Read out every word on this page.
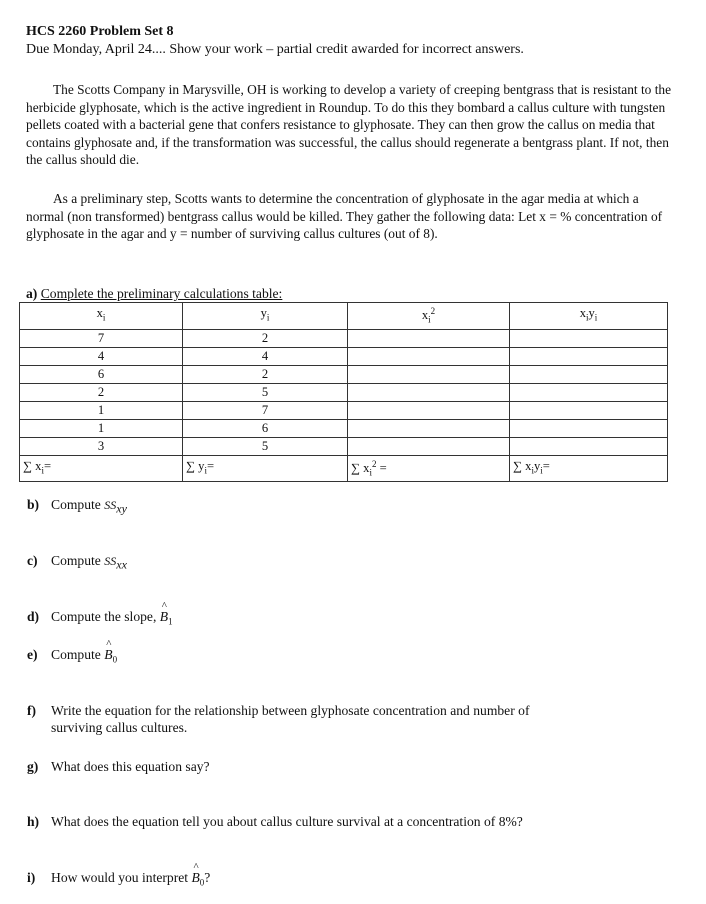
HCS 2260 Problem Set 8
Due Monday, April 24.... Show your work – partial credit awarded for incorrect answers.
The Scotts Company in Marysville, OH is working to develop a variety of creeping bentgrass that is resistant to the herbicide glyphosate, which is the active ingredient in Roundup. To do this they bombard a callus culture with tungsten pellets coated with a bacterial gene that confers resistance to glyphosate. They can then grow the callus on media that contains glyphosate and, if the transformation was successful, the callus should regenerate a bentgrass plant. If not, then the callus should die.
As a preliminary step, Scotts wants to determine the concentration of glyphosate in the agar media at which a normal (non transformed) bentgrass callus would be killed. They gather the following data: Let x = % concentration of glyphosate in the agar and y = number of surviving callus cultures (out of 8).
a) Complete the preliminary calculations table:
$x_i$	$y_i$	$x_i^2$	$x_iy_i$
7	2		
4	4		
6	2		
2	5		
1	7		
1	6		
3	5		
∑ $x_i=$	∑ $y_i=$	∑ $x_i^2$ =	∑ $x_iy_i=$
b) Compute $SS_{xy}$
c) Compute $SS_{xx}$
d) Compute the slope, ^ $B_1$
e) Compute ^ $B_0$
f) Write the equation for the relationship between glyphosate concentration and number of
surviving callus cultures.
g) What does this equation say?
h) What does the equation tell you about callus culture survival at a concentration of 8%?
i) How would you interpret ^ $B_0$?
